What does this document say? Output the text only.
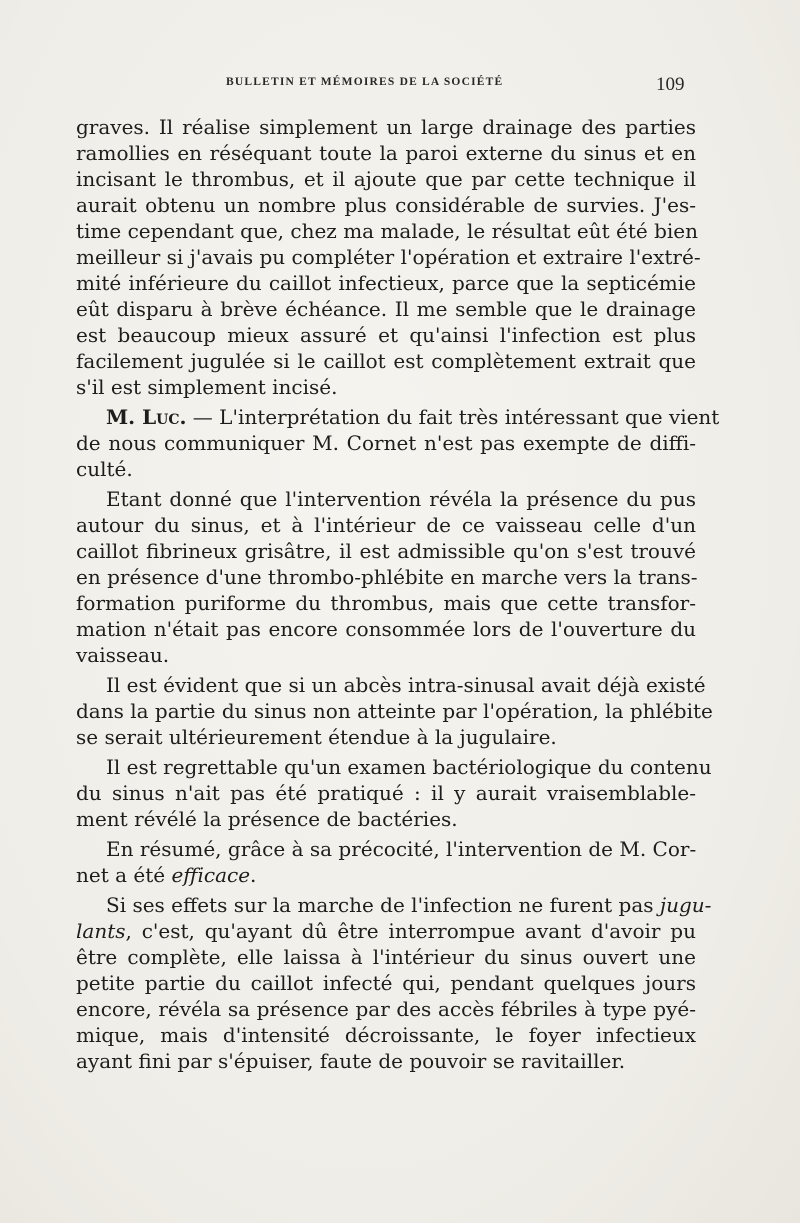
BULLETIN ET MÉMOIRES DE LA SOCIÉTÉ	109
graves. Il réalise simplement un large drainage des parties
ramollies en réséquant toute la paroi externe du sinus et en
incisant le thrombus, et il ajoute que par cette technique il
aurait obtenu un nombre plus considérable de survies. J'es-
time cependant que, chez ma malade, le résultat eût été bien
meilleur si j'avais pu compléter l'opération et extraire l'extré-
mité inférieure du caillot infectieux, parce que la septicémie
eût disparu à brève échéance. Il me semble que le drainage
est beaucoup mieux assuré et qu'ainsi l'infection est plus
facilement jugulée si le caillot est complètement extrait que
s'il est simplement incisé.
M. Luc. — L'interprétation du fait très intéressant que vient
de nous communiquer M. Cornet n'est pas exempte de diffi-
culté.
Etant donné que l'intervention révéla la présence du pus
autour du sinus, et à l'intérieur de ce vaisseau celle d'un
caillot fibrineux grisâtre, il est admissible qu'on s'est trouvé
en présence d'une thrombo-phlébite en marche vers la trans-
formation puriforme du thrombus, mais que cette transfor-
mation n'était pas encore consommée lors de l'ouverture du
vaisseau.
Il est évident que si un abcès intra-sinusal avait déjà existé
dans la partie du sinus non atteinte par l'opération, la phlébite
se serait ultérieurement étendue à la jugulaire.
Il est regrettable qu'un examen bactériologique du contenu
du sinus n'ait pas été pratiqué : il y aurait vraisemblable-
ment révélé la présence de bactéries.
En résumé, grâce à sa précocité, l'intervention de M. Cor-
net a été efficace.
Si ses effets sur la marche de l'infection ne furent pas jugu-
lants, c'est, qu'ayant dû être interrompue avant d'avoir pu
être complète, elle laissa à l'intérieur du sinus ouvert une
petite partie du caillot infecté qui, pendant quelques jours
encore, révéla sa présence par des accès fébriles à type pyé-
mique, mais d'intensité décroissante, le foyer infectieux
ayant fini par s'épuiser, faute de pouvoir se ravitailler.
